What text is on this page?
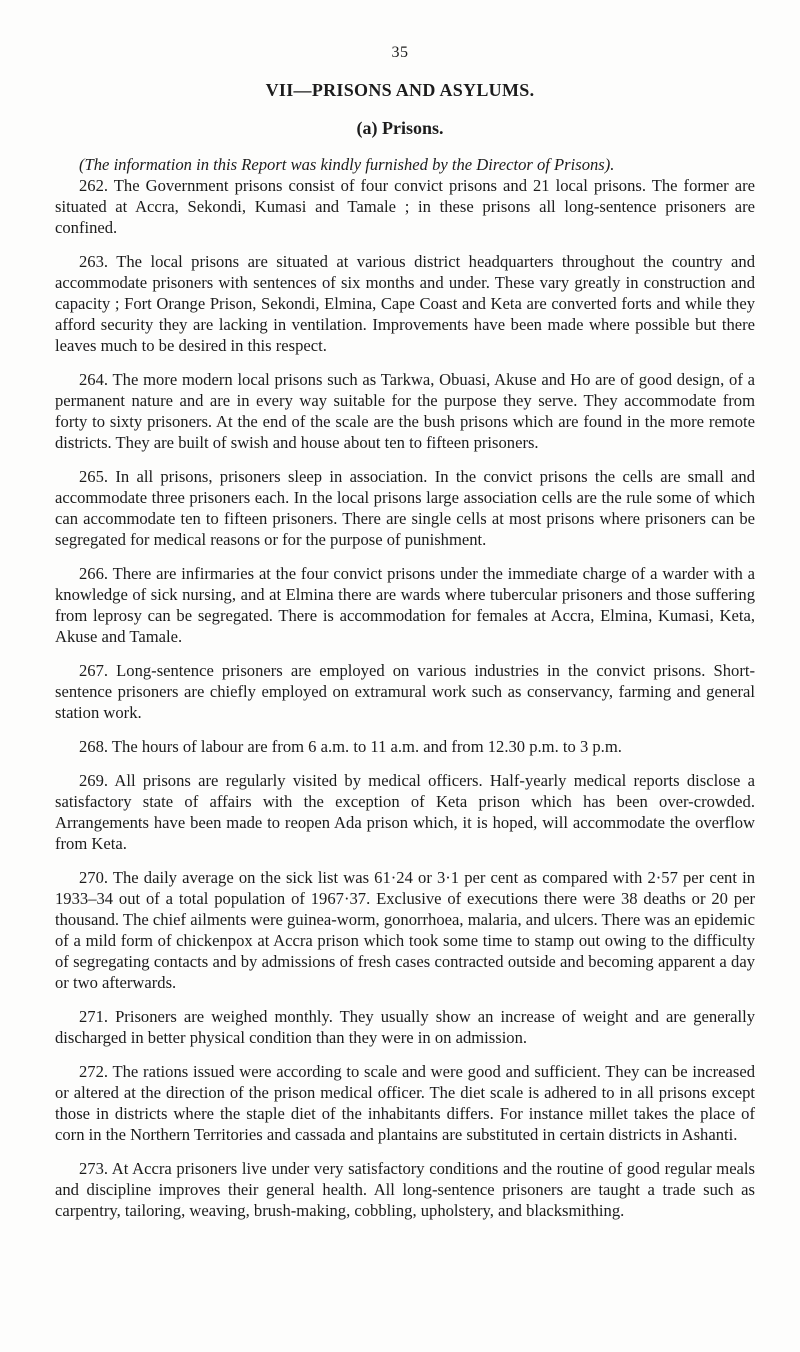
35
VII—PRISONS AND ASYLUMS.
(a) Prisons.

(The information in this Report was kindly furnished by the Director of Prisons).

262. The Government prisons consist of four convict prisons and 21 local prisons. The former are situated at Accra, Sekondi, Kumasi and Tamale ; in these prisons all long-sentence prisoners are confined.

263. The local prisons are situated at various district headquarters throughout the country and accommodate prisoners with sentences of six months and under. These vary greatly in construction and capacity ; Fort Orange Prison, Sekondi, Elmina, Cape Coast and Keta are converted forts and while they afford security they are lacking in ventilation. Improvements have been made where possible but there leaves much to be desired in this respect.

264. The more modern local prisons such as Tarkwa, Obuasi, Akuse and Ho are of good design, of a permanent nature and are in every way suitable for the purpose they serve. They accommodate from forty to sixty prisoners. At the end of the scale are the bush prisons which are found in the more remote districts. They are built of swish and house about ten to fifteen prisoners.

265. In all prisons, prisoners sleep in association. In the convict prisons the cells are small and accommodate three prisoners each. In the local prisons large association cells are the rule some of which can accommodate ten to fifteen prisoners. There are single cells at most prisons where prisoners can be segregated for medical reasons or for the purpose of punishment.

266. There are infirmaries at the four convict prisons under the immediate charge of a warder with a knowledge of sick nursing, and at Elmina there are wards where tubercular prisoners and those suffering from leprosy can be segregated. There is accommodation for females at Accra, Elmina, Kumasi, Keta, Akuse and Tamale.

267. Long-sentence prisoners are employed on various industries in the convict prisons. Short-sentence prisoners are chiefly employed on extramural work such as conservancy, farming and general station work.

268. The hours of labour are from 6 a.m. to 11 a.m. and from 12.30 p.m. to 3 p.m.

269. All prisons are regularly visited by medical officers. Half-yearly medical reports disclose a satisfactory state of affairs with the exception of Keta prison which has been over-crowded. Arrangements have been made to reopen Ada prison which, it is hoped, will accommodate the overflow from Keta.

270. The daily average on the sick list was 61·24 or 3·1 per cent as compared with 2·57 per cent in 1933–34 out of a total population of 1967·37. Exclusive of executions there were 38 deaths or 20 per thousand. The chief ailments were guinea-worm, gonorrhoea, malaria, and ulcers. There was an epidemic of a mild form of chickenpox at Accra prison which took some time to stamp out owing to the difficulty of segregating contacts and by admissions of fresh cases contracted outside and becoming apparent a day or two afterwards.

271. Prisoners are weighed monthly. They usually show an increase of weight and are generally discharged in better physical condition than they were in on admission.

272. The rations issued were according to scale and were good and sufficient. They can be increased or altered at the direction of the prison medical officer. The diet scale is adhered to in all prisons except those in districts where the staple diet of the inhabitants differs. For instance millet takes the place of corn in the Northern Territories and cassada and plantains are substituted in certain districts in Ashanti.

273. At Accra prisoners live under very satisfactory conditions and the routine of good regular meals and discipline improves their general health. All long-sentence prisoners are taught a trade such as carpentry, tailoring, weaving, brush-making, cobbling, upholstery, and blacksmithing.
